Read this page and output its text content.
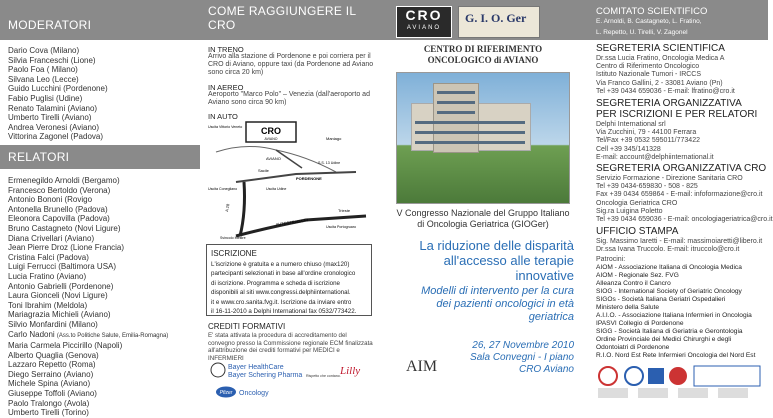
MODERATORI
Dario Cova (Milano)
Silvia Franceschi (Lione)
Paolo Foa ( Milano)
Silvana Leo (Lecce)
Guido Lucchini (Pordenone)
Fabio Puglisi (Udine)
Renato Talamini (Aviano)
Umberto Tirelli (Aviano)
Andrea Veronesi (Aviano)
Vittorina Zagonel (Padova)
RELATORI
Ermenegildo Arnoldi (Bergamo)
Francesco Bertoldo (Verona)
Antonio Bononi (Rovigo
Antonella Brunello (Padova)
Eleonora Capovilla (Padova)
Bruno Castagneto (Novi Ligure)
Diana Crivellari (Aviano)
Jean Pierre Droz (Lione Francia)
Cristina Falci (Padova)
Luigi Ferrucci (Baltimora USA)
Lucia Fratino (Aviano)
Antonio Gabrielli (Pordenone)
Laura Gionceli (Novi Ligure)
Toni Ibrahim (Meldola)
Mariagrazia Michieli (Aviano)
Silvio Monfardini (Milano)
Carlo Nadoni (Ass.to Politiche Salute, Emilia-Romagna)
Maria Carmela Piccirillo (Napoli)
Alberto Quaglia (Genova)
Lazzaro Repetto (Roma)
Diego Serraino (Aviano)
Michele Spina (Aviano)
Giuseppe Toffoli (Aviano)
Paolo Tralongo (Avola)
Umberto Tirelli (Torino)
COME RAGGIUNGERE IL CRO
IN TRENO
Arrivo alla stazione di Pordenone e poi corriera per il
CRO di Aviano, oppure taxi (da Pordenone ad Aviano
sono circa 20 km)
IN AEREO
Aeroporto "Marco Polo" – Venezia (dall'aeroporto ad
Aviano sono circa 90 km)
IN AUTO
CRO
AVIANO
AVIANO
Maniago
Uscita Vittorio Veneto
Sacile
PORDENONE
S.S. 13 Udine
Uscita Udine
Uscita Conegliano
Trieste
Uscita Portogruaro
AUTOSTRADA A4
A 28
Svincolo Mestre
ISCRIZIONE
L'iscrizione è gratuita e a numero chiuso (max120)
partecipanti selezionati in base all'ordine cronologico
di iscrizione. Programma e scheda di iscrizione
disponibili al siti www.congressi.delphiinternational.
it e www.cro.sanita.fvg.it. Iscrizione da inviare entro
il 16-11-2010 a Delphi International fax 0532/773422.
CREDITI FORMATIVI
E' stata attivata la procedura di accreditamento del
convegno presso la Commissione regionale ECM finalizzata
all'attribuzione dei crediti formativi per MEDICI e INFERMIERI
Bayer HealthCare
Bayer Schering Pharma Rispetto che contano. Lilly
Pfizer Oncology
CRO
AVIANO
G. I. O. Ger
CENTRO DI RIFERIMENTO
ONCOLOGICO di AVIANO
V Congresso Nazionale del Gruppo Italiano
di Oncologia Geriatrica (GIOGer)
La riduzione delle disparità
all'accesso alle terapie
innovative
Modelli di intervento per la cura
dei pazienti oncologici in età
geriatrica
26, 27 Novembre 2010
Sala Convegni - I piano
CRO Aviano
AIM
COMITATO SCIENTIFICO
E. Arnoldi, B. Castagneto, L. Fratino,
L. Repetto, U. Tirelli, V. Zagonel
SEGRETERIA SCIENTIFICA
Dr.ssa Lucia Fratino, Oncologia Medica A
Centro di Riferimento Oncologico
Istituto Nazionale Tumori - IRCCS
Via Franco Gallini, 2 - 33081 Aviano (Pn)
Tel +39 0434 659036 - E-mail: lfratino@cro.it
SEGRETERIA ORGANIZZATIVA
PER ISCRIZIONI E PER RELATORI
Delphi International srl
Via Zucchini, 79 - 44100 Ferrara
Tel/Fax +39 0532 595011/773422
Cell +39 345/141328
E-mail: account@delphiinternational.it
SEGRETERIA ORGANIZZATIVA CRO
Servizio Formazione - Direzione Sanitaria CRO
Tel +39 0434-659830 - 508 - 825
Fax +39 0434 659864 - E-mail: infoformazione@cro.it
Oncologia Geriatrica CRO
Sig.ra Luigina Poletto
Tel +39 0434 659036 - E-mail: oncologiageriatrica@cro.it
UFFICIO STAMPA
Sig. Massimo Iaretti - E-mail: massimoiaretti@libero.it
Dr.ssa Ivana Truccolo. E-mail: itruccolo@cro.it
Patrocini:
AIOM - Associazione Italiana di Oncologia Medica
AIOM - Regionale Sez. FVG
Alleanza Contro il Cancro
SIOG - International Society of Geriatric Oncology
SIGOs - Società Italiana Geriatri Ospedalieri
Ministero della Salute
A.I.I.O. - Associazione Italiana Infermieri in Oncologia
IPASVI Collegio di Pordenone
SIGG - Società Italiana di Geriatria e Gerontologia
Ordine Provinciale dei Medici Chirurghi e degli
Odontoiatri di Pordenone
R.I.O. Nord Est Rete Infermieri Oncologia del Nord Est
